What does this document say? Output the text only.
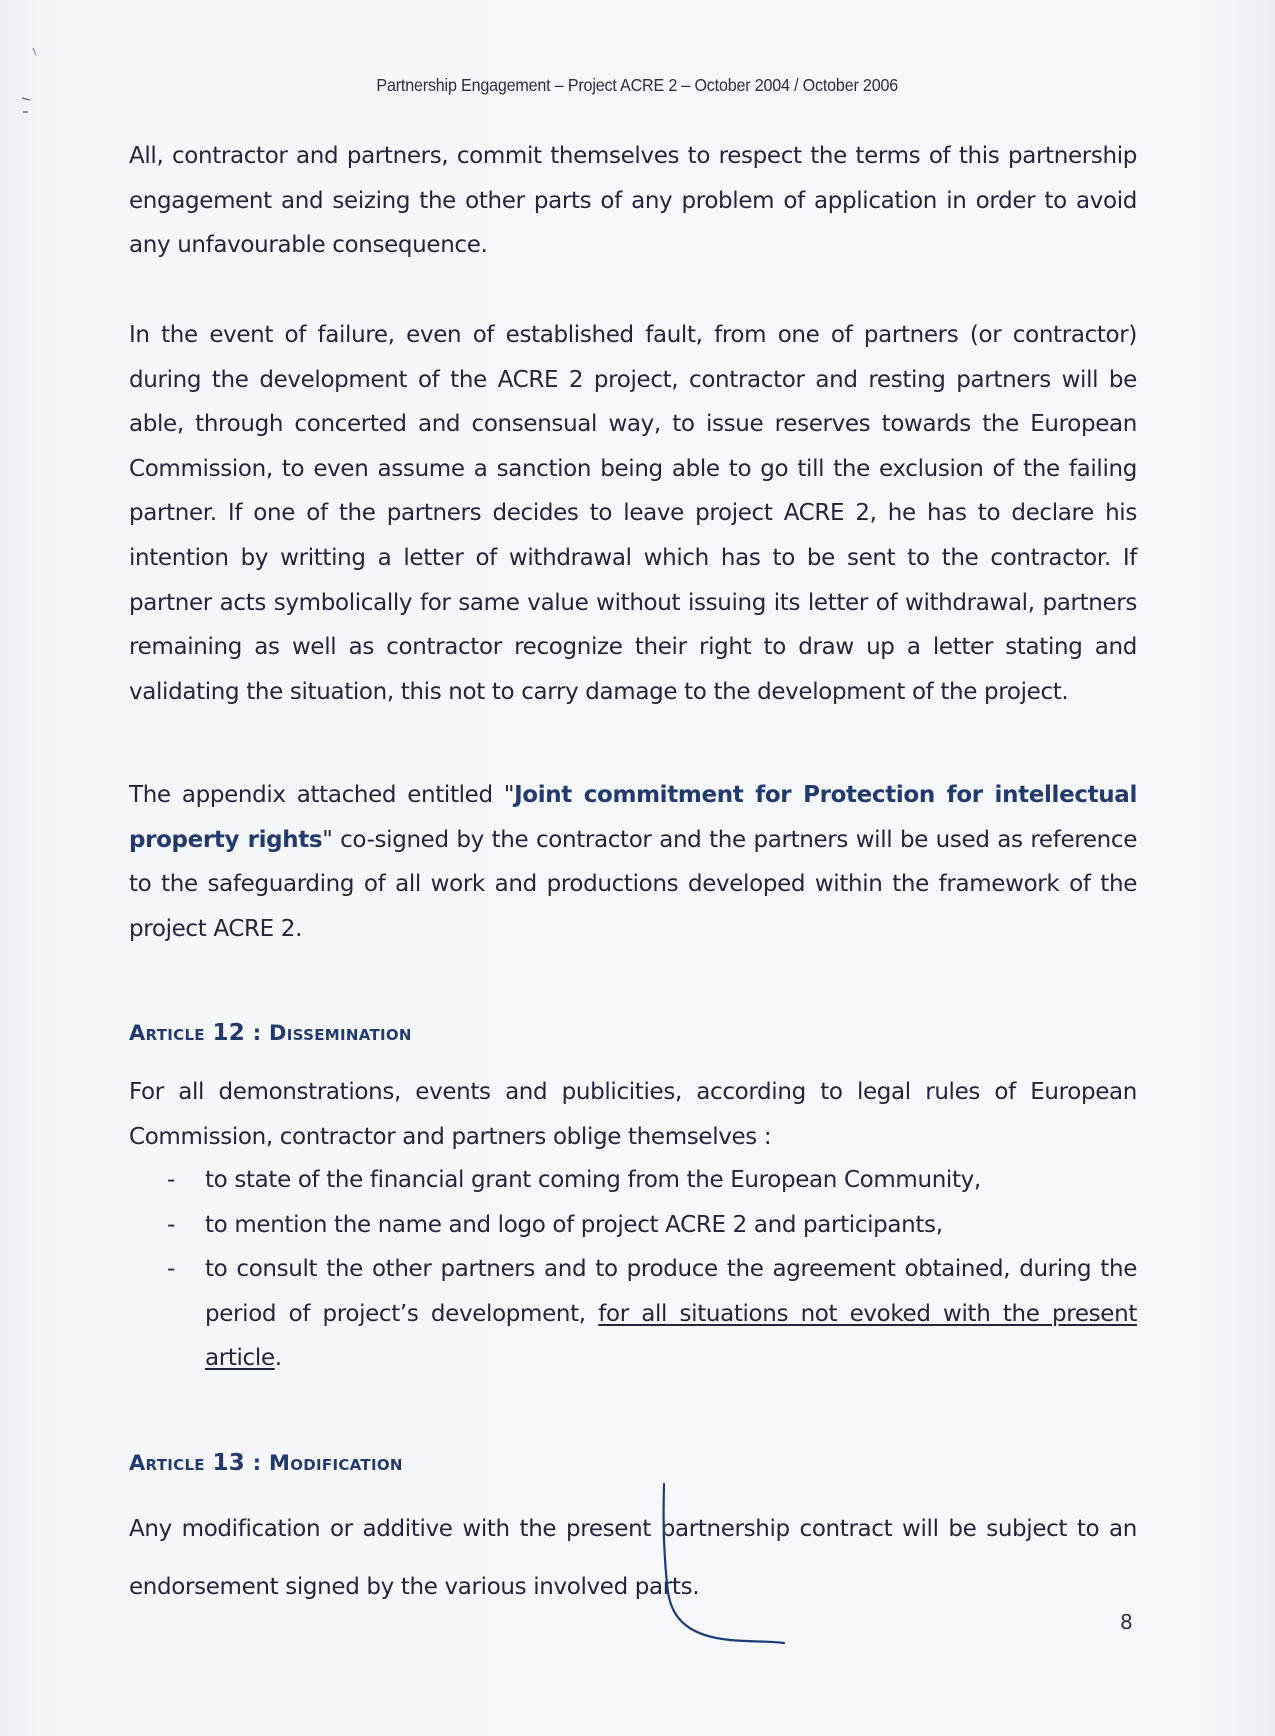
Partnership Engagement – Project ACRE 2 – October 2004 / October 2006

All, contractor and partners, commit themselves to respect the terms of this partnership engagement and seizing the other parts of any problem of application in order to avoid any unfavourable consequence.

In the event of failure, even of established fault, from one of partners (or contractor) during the development of the ACRE 2 project, contractor and resting partners will be able, through concerted and consensual way, to issue reserves towards the European Commission, to even assume a sanction being able to go till the exclusion of the failing partner. If one of the partners decides to leave project ACRE 2, he has to declare his intention by writting a letter of withdrawal which has to be sent to the contractor. If partner acts symbolically for same value without issuing its letter of withdrawal, partners remaining as well as contractor recognize their right to draw up a letter stating and validating the situation, this not to carry damage to the development of the project.

The appendix attached entitled "Joint commitment for Protection for intellectual property rights" co-signed by the contractor and the partners will be used as reference to the safeguarding of all work and productions developed within the framework of the project ACRE 2.

Article 12 : Dissemination

For all demonstrations, events and publicities, according to legal rules of European Commission, contractor and partners oblige themselves :

- to state of the financial grant coming from the European Community,
- to mention the name and logo of project ACRE 2 and participants,
- to consult the other partners and to produce the agreement obtained, during the period of project’s development, for all situations not evoked with the present article.
Article 13 : Modification

Any modification or additive with the present partnership contract will be subject to an endorsement signed by the various involved parts.

8
